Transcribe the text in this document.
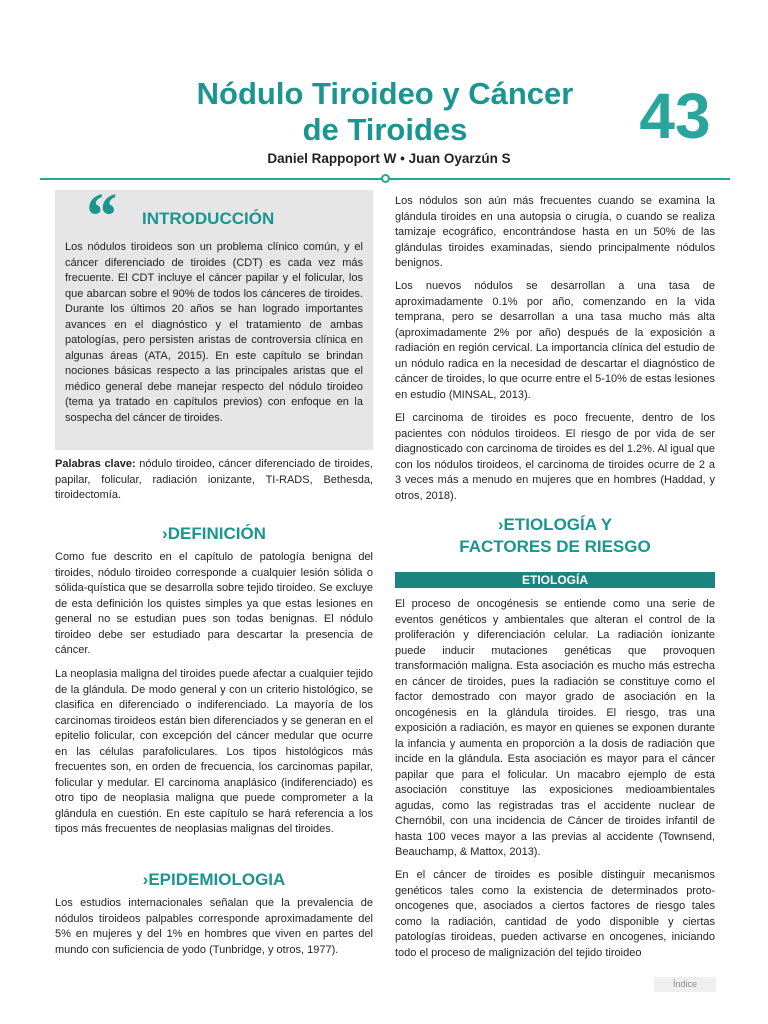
Nódulo Tiroideo y Cáncer
de Tiroides	43
Daniel Rappoport W • Juan Oyarzún S
“ INTRODUCCIÓN

Los nódulos tiroideos son un problema clínico común, y el cáncer diferenciado de tiroides (CDT) es cada vez más frecuente. El CDT incluye el cáncer papilar y el folicular, los que abarcan sobre el 90% de todos los cánceres de tiroides. Durante los últimos 20 años se han logrado importantes avances en el diagnóstico y el tratamiento de ambas patologías, pero persisten aristas de controversia clínica en algunas áreas (ATA, 2015). En este capítulo se brindan nociones básicas respecto a las principales aristas que el médico general debe manejar respecto del nódulo tiroideo (tema ya tratado en capítulos previos) con enfoque en la sospecha del cáncer de tiroides.

Palabras clave: nódulo tiroideo, cáncer diferenciado de tiroides, papilar, folicular, radiación ionizante, TI-RADS, Bethesda, tiroidectomía.

›DEFINICIÓN

Como fue descrito en el capítulo de patología benigna del tiroides, nódulo tiroideo corresponde a cualquier lesión sólida o sólida-quística que se desarrolla sobre tejido tiroideo. Se excluye de esta definición los quistes simples ya que estas lesiones en general no se estudian pues son todas benignas. El nódulo tiroideo debe ser estudiado para descartar la presencia de cáncer.

La neoplasia maligna del tiroides puede afectar a cualquier tejido de la glándula. De modo general y con un criterio histológico, se clasifica en diferenciado o indiferenciado. La mayoría de los carcinomas tiroideos están bien diferenciados y se generan en el epitelio folicular, con excepción del cáncer medular que ocurre en las células parafoliculares. Los tipos histológicos más frecuentes son, en orden de frecuencia, los carcinomas papilar, folicular y medular. El carcinoma anaplásico (indiferenciado) es otro tipo de neoplasia maligna que puede comprometer a la glándula en cuestión. En este capítulo se hará referencia a los tipos más frecuentes de neoplasias malignas del tiroides.

›EPIDEMIOLOGIA

Los estudios internacionales señalan que la prevalencia de nódulos tiroideos palpables corresponde aproximadamente del 5% en mujeres y del 1% en hombres que viven en partes del mundo con suficiencia de yodo (Tunbridge, y otros, 1977).

Los nódulos son aún más frecuentes cuando se examina la glándula tiroides en una autopsia o cirugía, o cuando se realiza tamizaje ecográfico, encontrándose hasta en un 50% de las glándulas tiroides examinadas, siendo principalmente nódulos benignos.

Los nuevos nódulos se desarrollan a una tasa de aproximadamente 0.1% por año, comenzando en la vida temprana, pero se desarrollan a una tasa mucho más alta (aproximadamente 2% por año) después de la exposición a radiación en región cervical. La importancia clínica del estudio de un nódulo radica en la necesidad de descartar el diagnóstico de cáncer de tiroides, lo que ocurre entre el 5-10% de estas lesiones en estudio (MINSAL, 2013).

El carcinoma de tiroides es poco frecuente, dentro de los pacientes con nódulos tiroideos. El riesgo de por vida de ser diagnosticado con carcinoma de tiroides es del 1.2%. Al igual que con los nódulos tiroideos, el carcinoma de tiroides ocurre de 2 a 3 veces más a menudo en mujeres que en hombres (Haddad, y otros, 2018).

›ETIOLOGÍA Y
FACTORES DE RIESGO
ETIOLOGÍA

El proceso de oncogénesis se entiende como una serie de eventos genéticos y ambientales que alteran el control de la proliferación y diferenciación celular. La radiación ionizante puede inducir mutaciones genéticas que provoquen transformación maligna. Esta asociación es mucho más estrecha en cáncer de tiroides, pues la radiación se constituye como el factor demostrado con mayor grado de asociación en la oncogénesis en la glándula tiroides. El riesgo, tras una exposición a radiación, es mayor en quienes se exponen durante la infancia y aumenta en proporción a la dosis de radiación que incide en la glándula. Esta asociación es mayor para el cáncer papilar que para el folicular. Un macabro ejemplo de esta asociación constituye las exposiciones medioambientales agudas, como las registradas tras el accidente nuclear de Chernóbil, con una incidencia de Cáncer de tiroides infantil de hasta 100 veces mayor a las previas al accidente (Townsend, Beauchamp, & Mattox, 2013).

En el cáncer de tiroides es posible distinguir mecanismos genéticos tales como la existencia de determinados proto-oncogenes que, asociados a ciertos factores de riesgo tales como la radiación, cantidad de yodo disponible y ciertas patologías tiroideas, pueden activarse en oncogenes, iniciando todo el proceso de malignización del tejido tiroideo

Índice
